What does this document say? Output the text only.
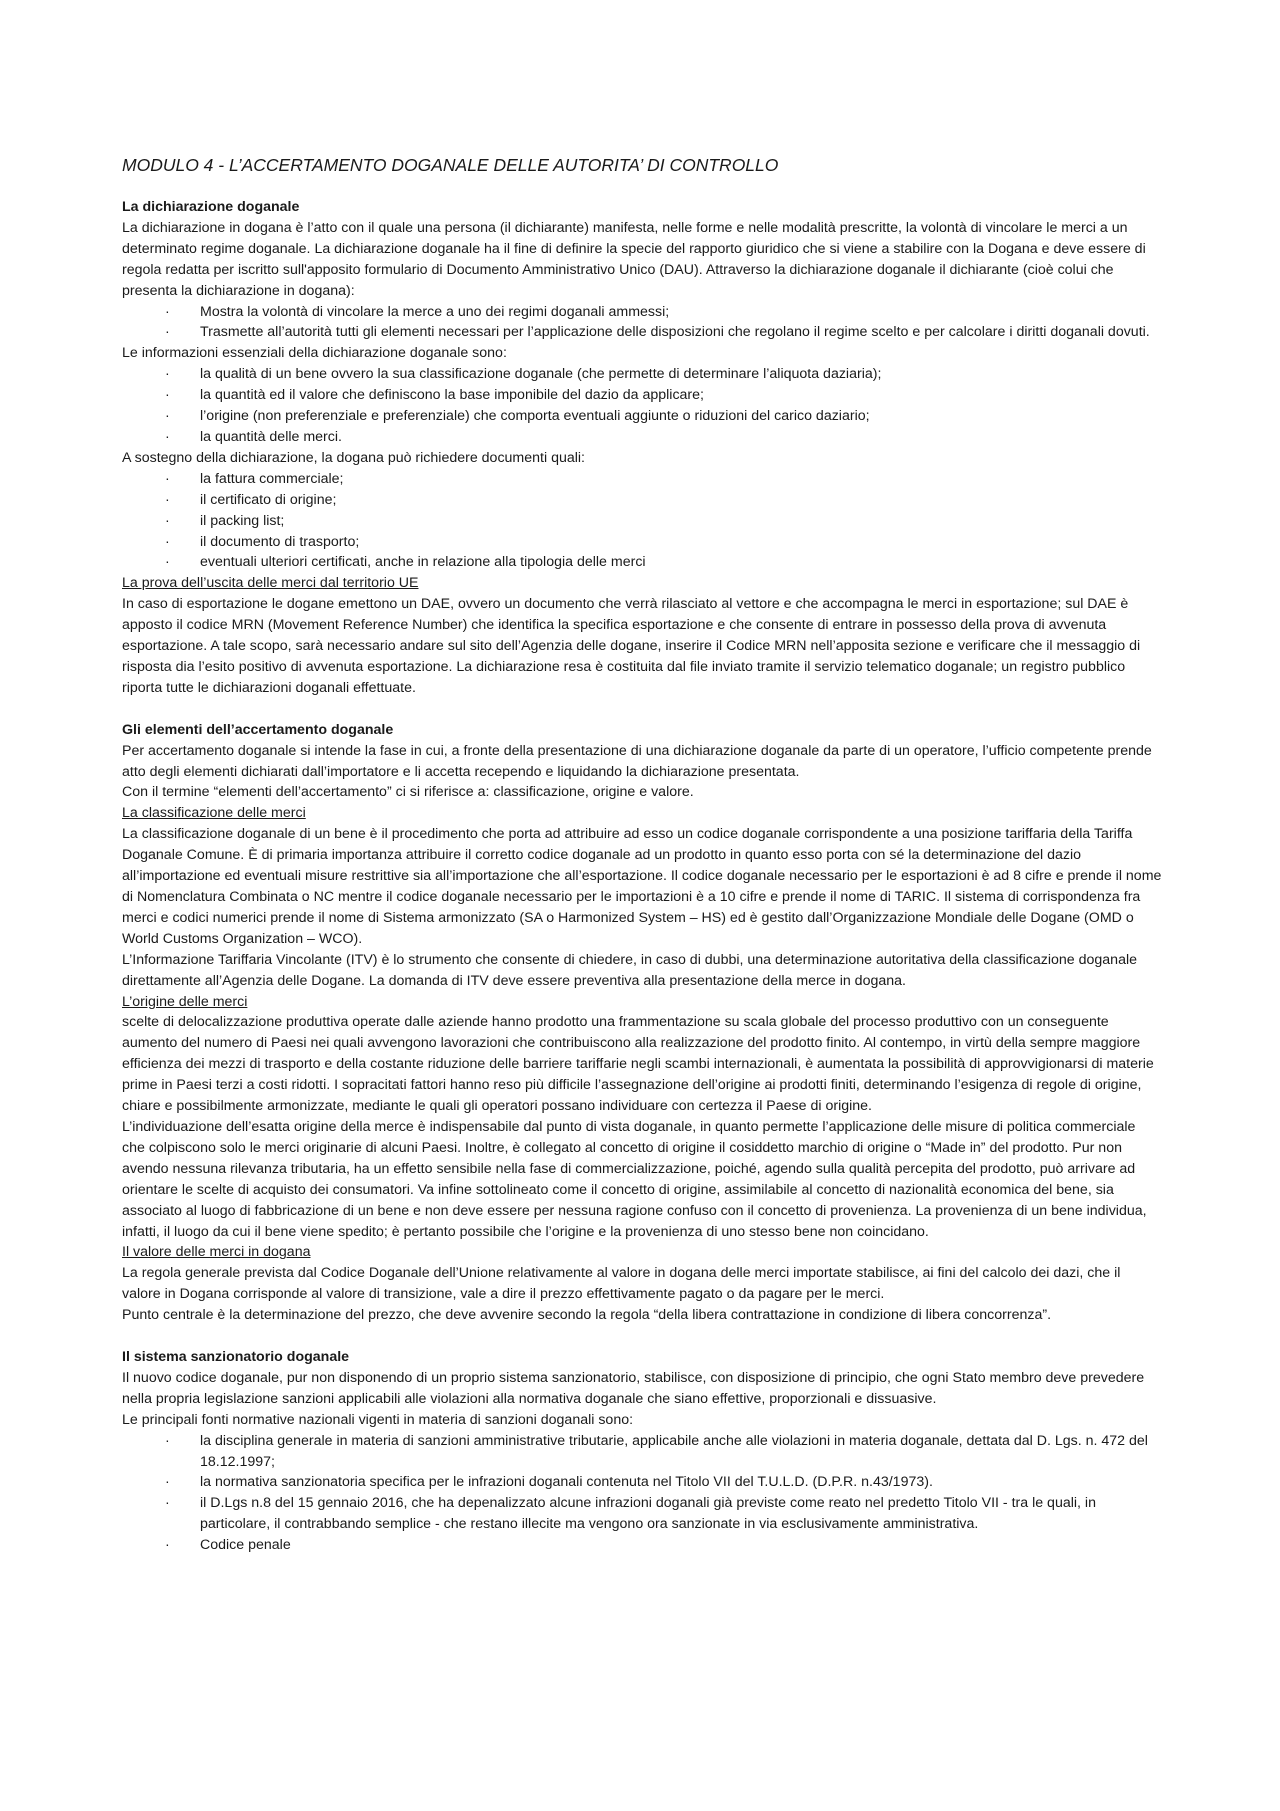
MODULO 4 - L’ACCERTAMENTO DOGANALE DELLE AUTORITA’ DI CONTROLLO

La dichiarazione doganale

La dichiarazione in dogana è l’atto con il quale una persona (il dichiarante) manifesta, nelle forme e nelle modalità prescritte, la volontà di vincolare le merci a un determinato regime doganale. La dichiarazione doganale ha il fine di definire la specie del rapporto giuridico che si viene a stabilire con la Dogana e deve essere di regola redatta per iscritto sull'apposito formulario di Documento Amministrativo Unico (DAU). Attraverso la dichiarazione doganale il dichiarante (cioè colui che presenta la dichiarazione in dogana):

· Mostra la volontà di vincolare la merce a uno dei regimi doganali ammessi;
· Trasmette all’autorità tutti gli elementi necessari per l’applicazione delle disposizioni che regolano il regime scelto e per calcolare i diritti doganali dovuti.

Le informazioni essenziali della dichiarazione doganale sono:

· la qualità di un bene ovvero la sua classificazione doganale (che permette di determinare l’aliquota daziaria);
· la quantità ed il valore che definiscono la base imponibile del dazio da applicare;
· l’origine (non preferenziale e preferenziale) che comporta eventuali aggiunte o riduzioni del carico daziario;
· la quantità delle merci.

A sostegno della dichiarazione, la dogana può richiedere documenti quali:

· la fattura commerciale;
· il certificato di origine;
· il packing list;
· il documento di trasporto;
· eventuali ulteriori certificati, anche in relazione alla tipologia delle merci

La prova dell’uscita delle merci dal territorio UE

In caso di esportazione le dogane emettono un DAE, ovvero un documento che verrà rilasciato al vettore e che accompagna le merci in esportazione; sul DAE è apposto il codice MRN (Movement Reference Number) che identifica la specifica esportazione e che consente di entrare in possesso della prova di avvenuta esportazione. A tale scopo, sarà necessario andare sul sito dell’Agenzia delle dogane, inserire il Codice MRN nell’apposita sezione e verificare che il messaggio di risposta dia l’esito positivo di avvenuta esportazione. La dichiarazione resa è costituita dal file inviato tramite il servizio telematico doganale; un registro pubblico riporta tutte le dichiarazioni doganali effettuate.

Gli elementi dell’accertamento doganale

Per accertamento doganale si intende la fase in cui, a fronte della presentazione di una dichiarazione doganale da parte di un operatore, l’ufficio competente prende atto degli elementi dichiarati dall’importatore e li accetta recependo e liquidando la dichiarazione presentata.

Con il termine “elementi dell’accertamento” ci si riferisce a: classificazione, origine e valore.

La classificazione delle merci

La classificazione doganale di un bene è il procedimento che porta ad attribuire ad esso un codice doganale corrispondente a una posizione tariffaria della Tariffa Doganale Comune. È di primaria importanza attribuire il corretto codice doganale ad un prodotto in quanto esso porta con sé la determinazione del dazio all’importazione ed eventuali misure restrittive sia all’importazione che all’esportazione. Il codice doganale necessario per le esportazioni è ad 8 cifre e prende il nome di Nomenclatura Combinata o NC mentre il codice doganale necessario per le importazioni è a 10 cifre e prende il nome di TARIC. Il sistema di corrispondenza fra merci e codici numerici prende il nome di Sistema armonizzato (SA o Harmonized System – HS) ed è gestito dall’Organizzazione Mondiale delle Dogane (OMD o World Customs Organization – WCO).

L’Informazione Tariffaria Vincolante (ITV) è lo strumento che consente di chiedere, in caso di dubbi, una determinazione autoritativa della classificazione doganale direttamente all’Agenzia delle Dogane. La domanda di ITV deve essere preventiva alla presentazione della merce in dogana.

L’origine delle merci

scelte di delocalizzazione produttiva operate dalle aziende hanno prodotto una frammentazione su scala globale del processo produttivo con un conseguente aumento del numero di Paesi nei quali avvengono lavorazioni che contribuiscono alla realizzazione del prodotto finito. Al contempo, in virtù della sempre maggiore efficienza dei mezzi di trasporto e della costante riduzione delle barriere tariffarie negli scambi internazionali, è aumentata la possibilità di approvvigionarsi di materie prime in Paesi terzi a costi ridotti. I sopracitati fattori hanno reso più difficile l’assegnazione dell’origine ai prodotti finiti, determinando l’esigenza di regole di origine, chiare e possibilmente armonizzate, mediante le quali gli operatori possano individuare con certezza il Paese di origine.

L’individuazione dell’esatta origine della merce è indispensabile dal punto di vista doganale, in quanto permette l’applicazione delle misure di politica commerciale che colpiscono solo le merci originarie di alcuni Paesi. Inoltre, è collegato al concetto di origine il cosiddetto marchio di origine o “Made in” del prodotto. Pur non avendo nessuna rilevanza tributaria, ha un effetto sensibile nella fase di commercializzazione, poiché, agendo sulla qualità percepita del prodotto, può arrivare ad orientare le scelte di acquisto dei consumatori. Va infine sottolineato come il concetto di origine, assimilabile al concetto di nazionalità economica del bene, sia associato al luogo di fabbricazione di un bene e non deve essere per nessuna ragione confuso con il concetto di provenienza. La provenienza di un bene individua, infatti, il luogo da cui il bene viene spedito; è pertanto possibile che l’origine e la provenienza di uno stesso bene non coincidano.

Il valore delle merci in dogana

La regola generale prevista dal Codice Doganale dell’Unione relativamente al valore in dogana delle merci importate stabilisce, ai fini del calcolo dei dazi, che il valore in Dogana corrisponde al valore di transizione, vale a dire il prezzo effettivamente pagato o da pagare per le merci.

Punto centrale è la determinazione del prezzo, che deve avvenire secondo la regola “della libera contrattazione in condizione di libera concorrenza”.

Il sistema sanzionatorio doganale

Il nuovo codice doganale, pur non disponendo di un proprio sistema sanzionatorio, stabilisce, con disposizione di principio, che ogni Stato membro deve prevedere nella propria legislazione sanzioni applicabili alle violazioni alla normativa doganale che siano effettive, proporzionali e dissuasive.

Le principali fonti normative nazionali vigenti in materia di sanzioni doganali sono:

· la disciplina generale in materia di sanzioni amministrative tributarie, applicabile anche alle violazioni in materia doganale, dettata dal D. Lgs. n. 472 del 18.12.1997;
· la normativa sanzionatoria specifica per le infrazioni doganali contenuta nel Titolo VII del T.U.L.D. (D.P.R. n.43/1973).
· il D.Lgs n.8 del 15 gennaio 2016, che ha depenalizzato alcune infrazioni doganali già previste come reato nel predetto Titolo VII - tra le quali, in particolare, il contrabbando semplice - che restano illecite ma vengono ora sanzionate in via esclusivamente amministrativa.
· Codice penale
